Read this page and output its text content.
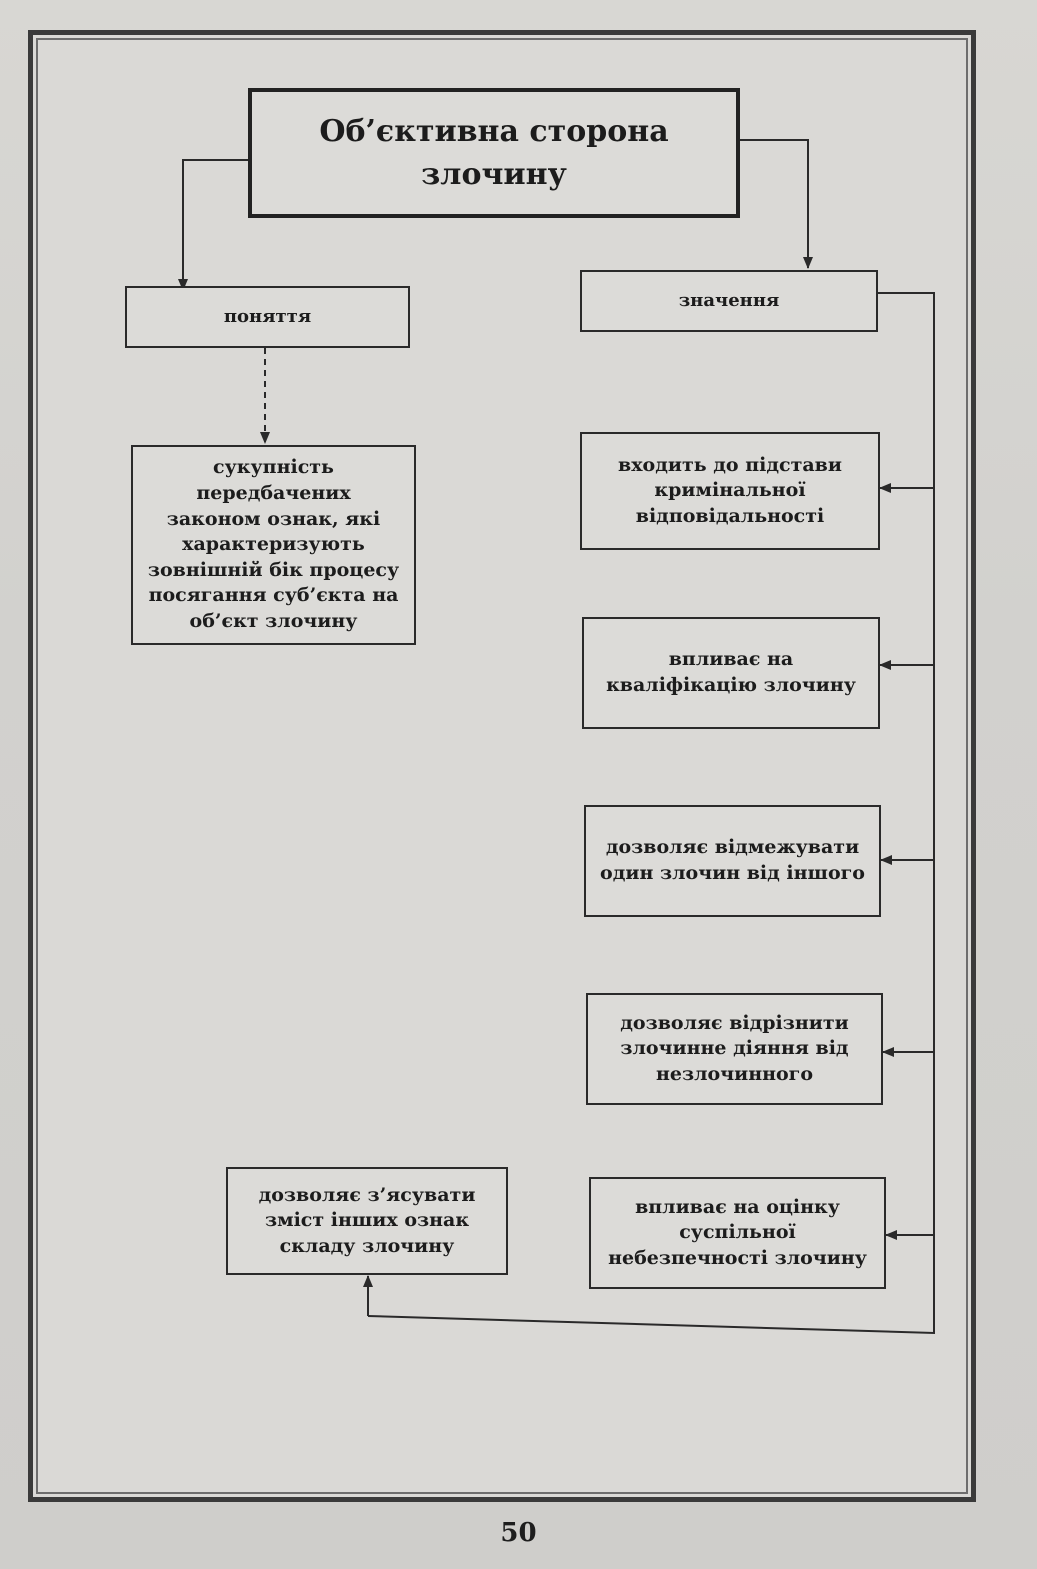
Об’єктивна сторона злочину
поняття
значення
сукупність передбачених законом ознак, які характеризують зовнішній бік процесу посягання суб’єкта на об’єкт злочину
входить до підстави кримінальної відповідальності
впливає на кваліфікацію злочину
дозволяє відмежувати один злочин від іншого
дозволяє відрізнити злочинне діяння від незлочинного
впливає на оцінку суспільної небезпечності злочину
дозволяє з’ясувати зміст інших ознак складу злочину
50
